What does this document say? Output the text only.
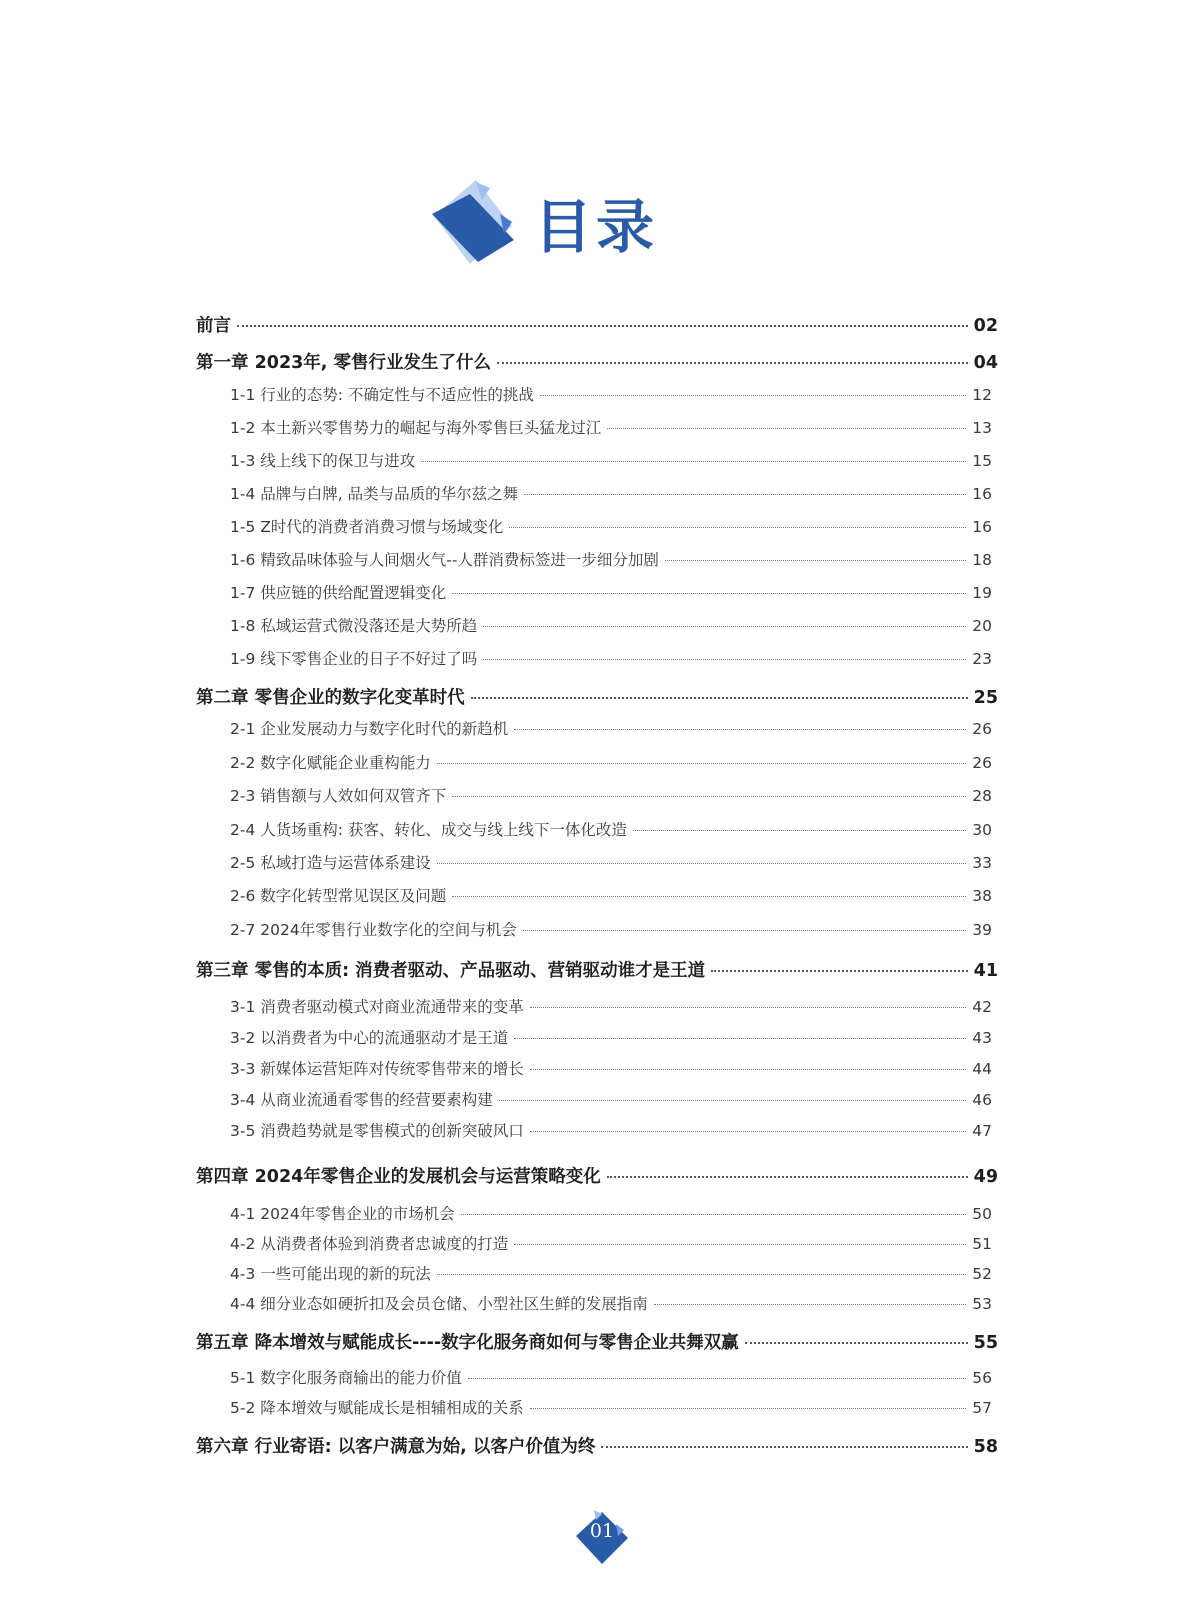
目录
前言	02
第一章 2023年, 零售行业发生了什么	04
1-1 行业的态势: 不确定性与不适应性的挑战	12
1-2 本土新兴零售势力的崛起与海外零售巨头猛龙过江	13
1-3 线上线下的保卫与进攻	15
1-4 品牌与白牌, 品类与品质的华尔兹之舞	16
1-5 Z时代的消费者消费习惯与场域变化	16
1-6 精致品味体验与人间烟火气--人群消费标签进一步细分加剧	18
1-7 供应链的供给配置逻辑变化	19
1-8 私域运营式微没落还是大势所趋	20
1-9 线下零售企业的日子不好过了吗	23
第二章 零售企业的数字化变革时代	25
2-1 企业发展动力与数字化时代的新趋机	26
2-2 数字化赋能企业重构能力	26
2-3 销售额与人效如何双管齐下	28
2-4 人货场重构: 获客、转化、成交与线上线下一体化改造	30
2-5 私域打造与运营体系建设	33
2-6 数字化转型常见误区及问题	38
2-7 2024年零售行业数字化的空间与机会	39
第三章 零售的本质: 消费者驱动、产品驱动、营销驱动谁才是王道	41
3-1 消费者驱动模式对商业流通带来的变革	42
3-2 以消费者为中心的流通驱动才是王道	43
3-3 新媒体运营矩阵对传统零售带来的增长	44
3-4 从商业流通看零售的经营要素构建	46
3-5 消费趋势就是零售模式的创新突破风口	47
第四章 2024年零售企业的发展机会与运营策略变化	49
4-1 2024年零售企业的市场机会	50
4-2 从消费者体验到消费者忠诚度的打造	51
4-3 一些可能出现的新的玩法	52
4-4 细分业态如硬折扣及会员仓储、小型社区生鲜的发展指南	53
第五章 降本增效与赋能成长----数字化服务商如何与零售企业共舞双赢	55
5-1 数字化服务商输出的能力价值	56
5-2 降本增效与赋能成长是相辅相成的关系	57
第六章 行业寄语: 以客户满意为始, 以客户价值为终	58
01
